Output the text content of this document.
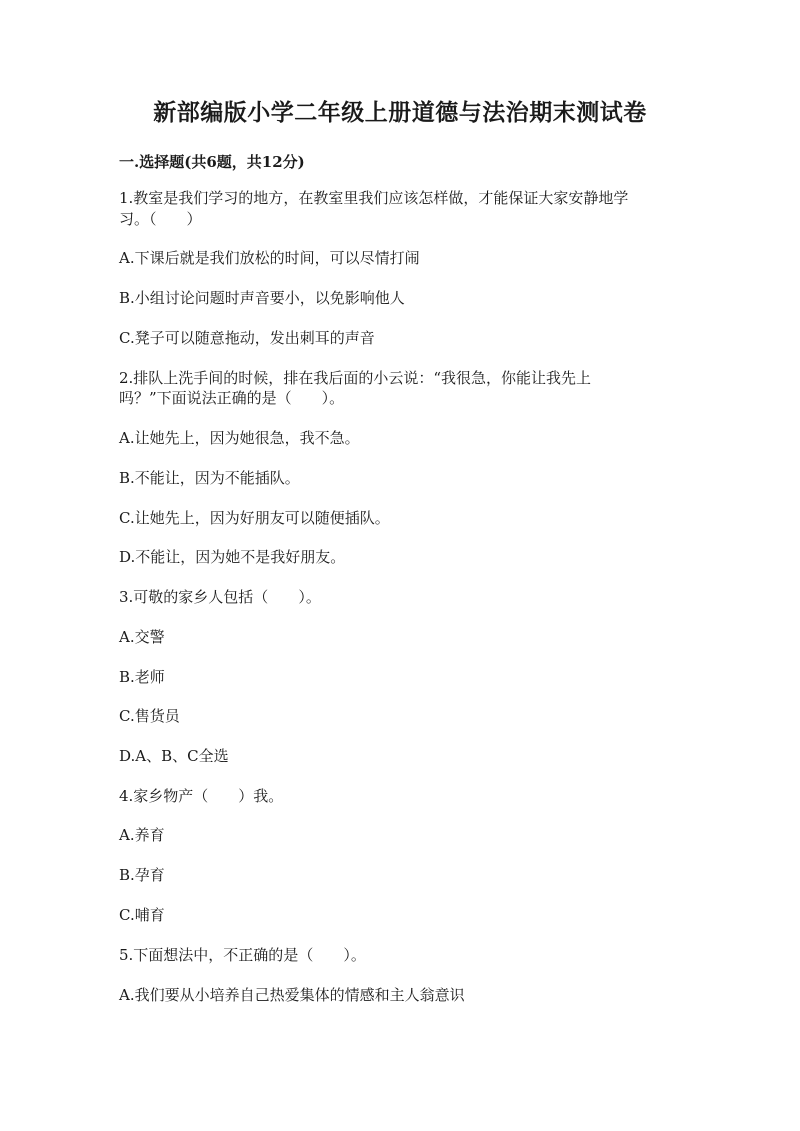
新部编版小学二年级上册道德与法治期末测试卷
一.选择题(共6题，共12分)
1.教室是我们学习的地方，在教室里我们应该怎样做，才能保证大家安静地学
习。（　　）
A.下课后就是我们放松的时间，可以尽情打闹
B.小组讨论问题时声音要小，以免影响他人
C.凳子可以随意拖动，发出刺耳的声音
2.排队上洗手间的时候，排在我后面的小云说：“我很急，你能让我先上
吗？”下面说法正确的是（　　）。
A.让她先上，因为她很急，我不急。
B.不能让，因为不能插队。
C.让她先上，因为好朋友可以随便插队。
D.不能让，因为她不是我好朋友。
3.可敬的家乡人包括（　　）。
A.交警
B.老师
C.售货员
D.A、B、C全选
4.家乡物产（　　）我。
A.养育
B.孕育
C.哺育
5.下面想法中，不正确的是（　　）。
A.我们要从小培养自己热爱集体的情感和主人翁意识
